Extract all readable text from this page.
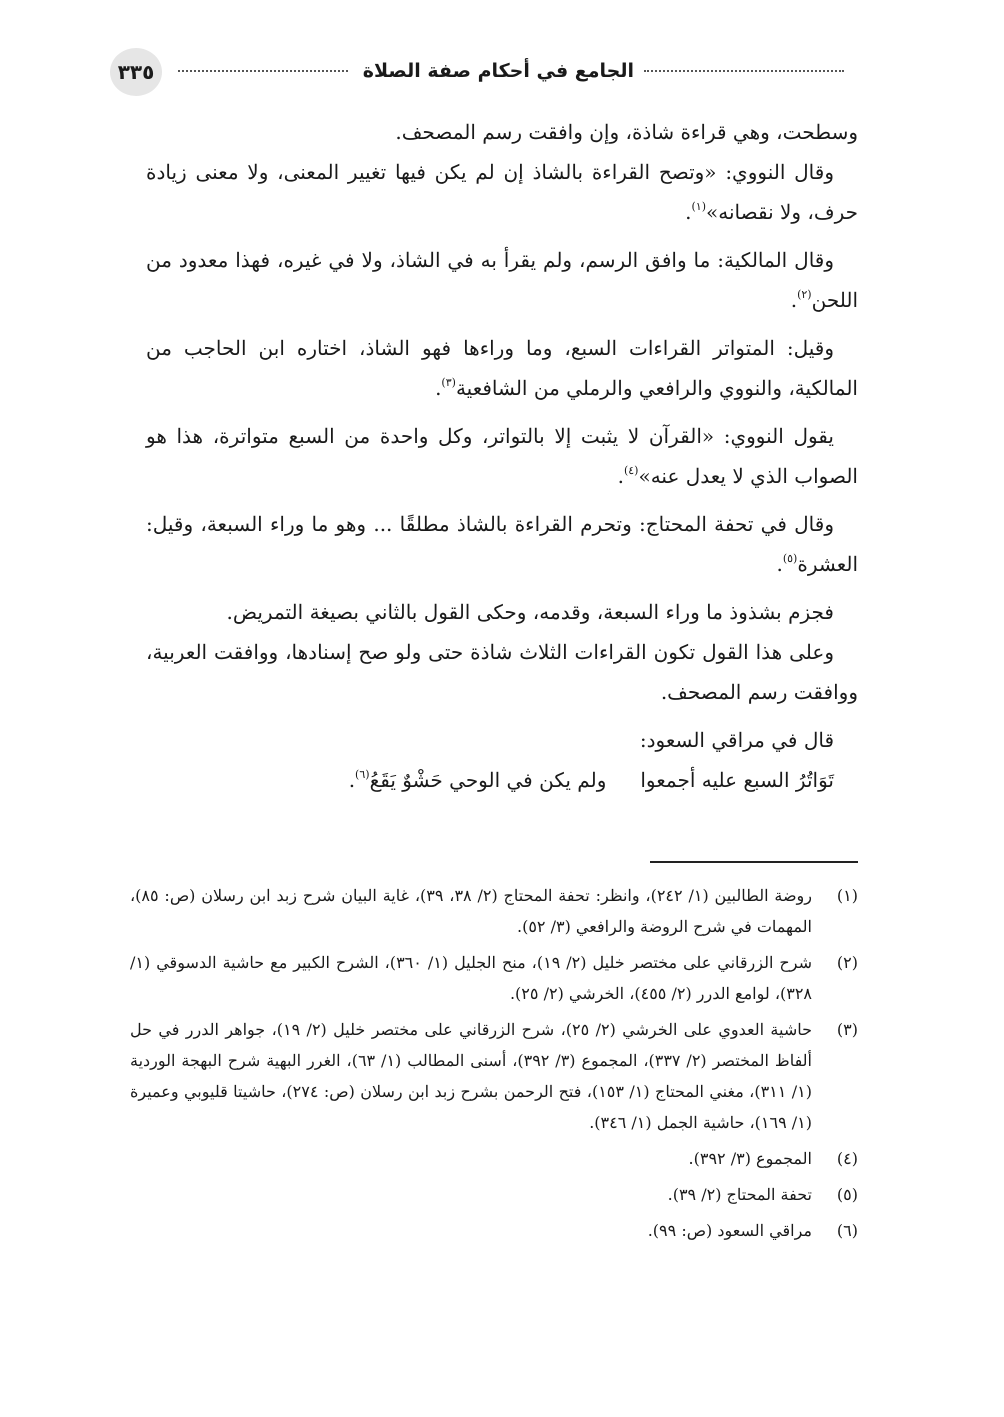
الجامع في أحكام صفة الصلاة
٣٣٥

وسطحت، وهي قراءة شاذة، وإن وافقت رسم المصحف.

وقال النووي: «وتصح القراءة بالشاذ إن لم يكن فيها تغيير المعنى، ولا معنى زيادة حرف، ولا نقصانه»$^{(١)}$.

وقال المالكية: ما وافق الرسم، ولم يقرأ به في الشاذ، ولا في غيره، فهذا معدود من اللحن$^{(٢)}$.

وقيل: المتواتر القراءات السبع، وما وراءها فهو الشاذ، اختاره ابن الحاجب من المالكية، والنووي والرافعي والرملي من الشافعية$^{(٣)}$.

يقول النووي: «القرآن لا يثبت إلا بالتواتر، وكل واحدة من السبع متواترة، هذا هو الصواب الذي لا يعدل عنه»$^{(٤)}$.

وقال في تحفة المحتاج: وتحرم القراءة بالشاذ مطلقًا ... وهو ما وراء السبعة، وقيل: العشرة$^{(٥)}$.

فجزم بشذوذ ما وراء السبعة، وقدمه، وحكى القول بالثاني بصيغة التمريض.

وعلى هذا القول تكون القراءات الثلاث شاذة حتى ولو صح إسنادها، ووافقت العربية، ووافقت رسم المصحف.

قال في مراقي السعود:

تَوَاتُرُ السبع عليه أجمعواولم يكن في الوحي حَشْوٌ يَقَعُ$^{(٦)}$.

(١)
روضة الطالبين (١/ ٢٤٢)، وانظر: تحفة المحتاج (٢/ ٣٨، ٣٩)، غاية البيان شرح زبد ابن رسلان (ص: ٨٥)، المهمات في شرح الروضة والرافعي (٣/ ٥٢).
(٢)
شرح الزرقاني على مختصر خليل (٢/ ١٩)، منح الجليل (١/ ٣٦٠)، الشرح الكبير مع حاشية الدسوقي (١/ ٣٢٨)، لوامع الدرر (٢/ ٤٥٥)، الخرشي (٢/ ٢٥).
(٣)
حاشية العدوي على الخرشي (٢/ ٢٥)، شرح الزرقاني على مختصر خليل (٢/ ١٩)، جواهر الدرر في حل ألفاظ المختصر (٢/ ٣٣٧)، المجموع (٣/ ٣٩٢)، أسنى المطالب (١/ ٦٣)، الغرر البهية شرح البهجة الوردية (١/ ٣١١)، مغني المحتاج (١/ ١٥٣)، فتح الرحمن بشرح زبد ابن رسلان (ص: ٢٧٤)، حاشيتا قليوبي وعميرة (١/ ١٦٩)، حاشية الجمل (١/ ٣٤٦).
(٤)
المجموع (٣/ ٣٩٢).
(٥)
تحفة المحتاج (٢/ ٣٩).
(٦)
مراقي السعود (ص: ٩٩).
